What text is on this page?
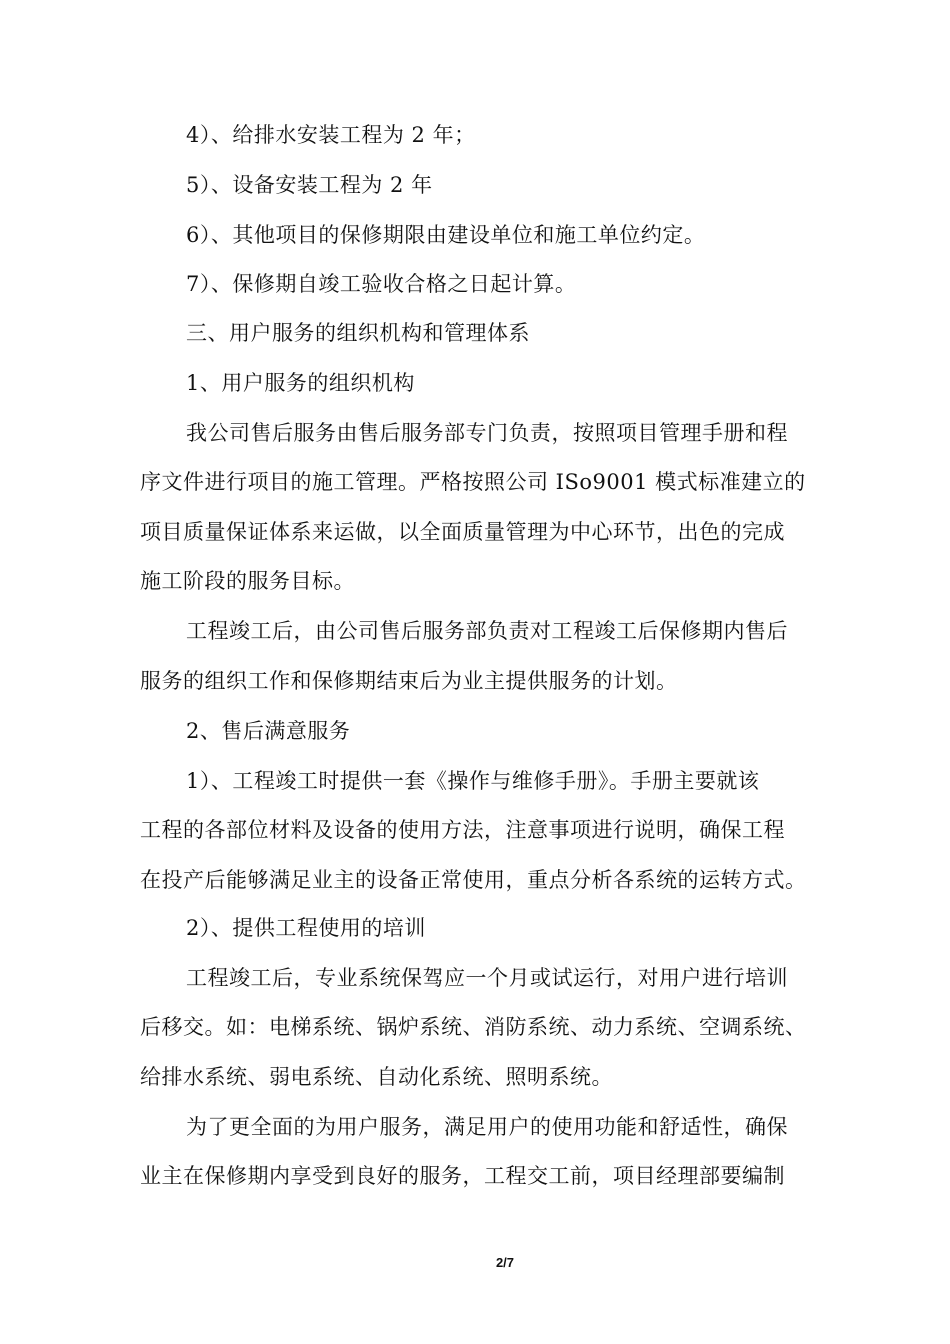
4）、给排水安装工程为 2 年；
5）、设备安装工程为 2 年
6）、其他项目的保修期限由建设单位和施工单位约定。
7）、保修期自竣工验收合格之日起计算。
三、用户服务的组织机构和管理体系
1、用户服务的组织机构
我公司售后服务由售后服务部专门负责，按照项目管理手册和程
序文件进行项目的施工管理。严格按照公司 ISo9001 模式标准建立的
项目质量保证体系来运做，以全面质量管理为中心环节，出色的完成
施工阶段的服务目标。
工程竣工后，由公司售后服务部负责对工程竣工后保修期内售后
服务的组织工作和保修期结束后为业主提供服务的计划。
2、售后满意服务
1）、工程竣工时提供一套《操作与维修手册》。手册主要就该
工程的各部位材料及设备的使用方法，注意事项进行说明，确保工程
在投产后能够满足业主的设备正常使用，重点分析各系统的运转方式。
2）、提供工程使用的培训
工程竣工后，专业系统保驾应一个月或试运行，对用户进行培训
后移交。如：电梯系统、锅炉系统、消防系统、动力系统、空调系统、
给排水系统、弱电系统、自动化系统、照明系统。
为了更全面的为用户服务，满足用户的使用功能和舒适性，确保
业主在保修期内享受到良好的服务，工程交工前，项目经理部要编制
2/7
